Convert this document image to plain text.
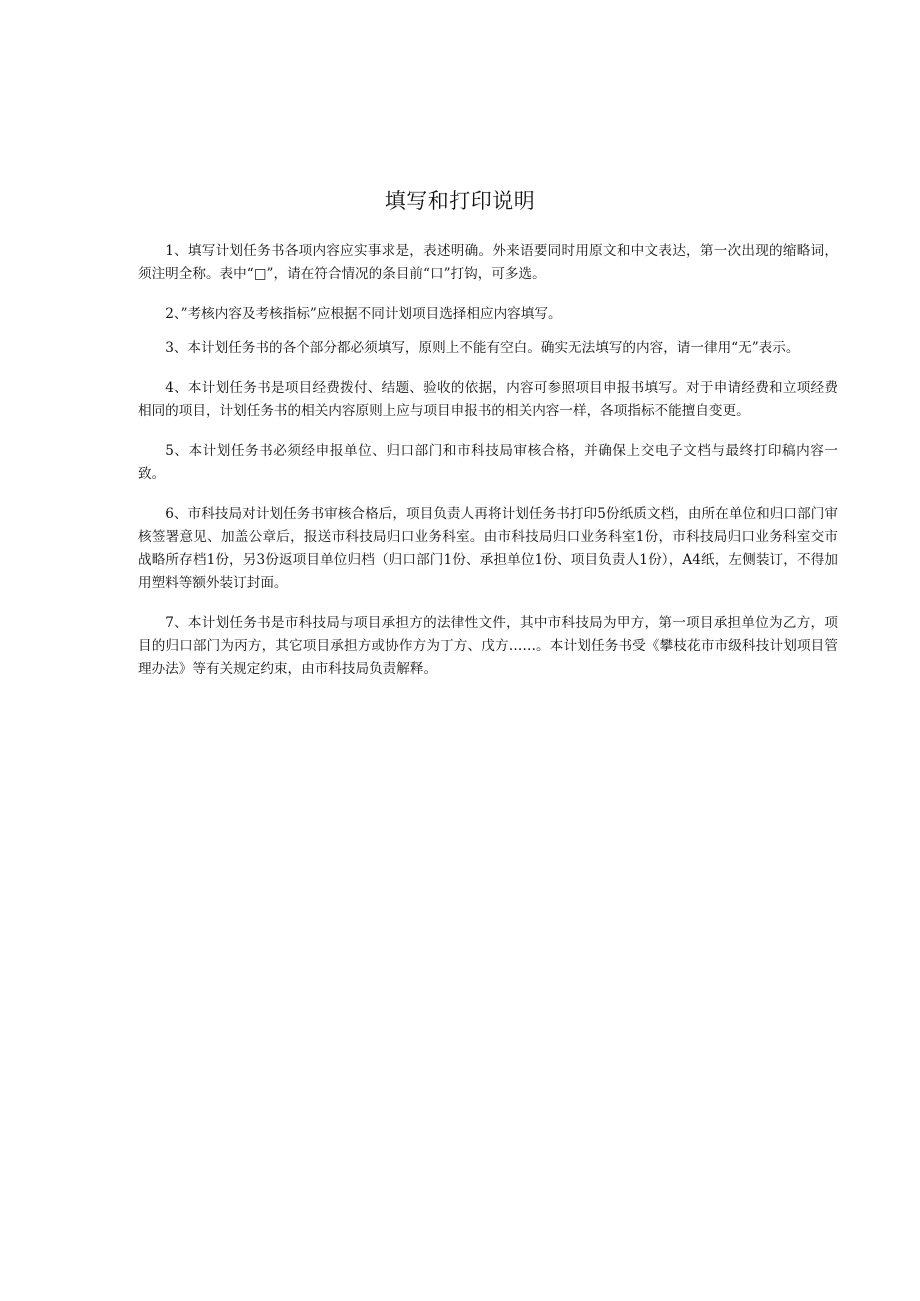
填写和打印说明

1、填写计划任务书各项内容应实事求是，表述明确。外来语要同时用原文和中文表达，第一次出现的缩略词，须注明全称。表中“□”，请在符合情况的条目前“口”打钩，可多选。

2、”考核内容及考核指标”应根据不同计划项目选择相应内容填写。

3、本计划任务书的各个部分都必须填写，原则上不能有空白。确实无法填写的内容，请一律用“无”表示。

4、本计划任务书是项目经费拨付、结题、验收的依据，内容可参照项目申报书填写。对于申请经费和立项经费相同的项目，计划任务书的相关内容原则上应与项目申报书的相关内容一样，各项指标不能擅自变更。

5、本计划任务书必须经申报单位、归口部门和市科技局审核合格，并确保上交电子文档与最终打印稿内容一致。

6、市科技局对计划任务书审核合格后，项目负责人再将计划任务书打印5份纸质文档，由所在单位和归口部门审核签署意见、加盖公章后，报送市科技局归口业务科室。由市科技局归口业务科室1份，市科技局归口业务科室交市战略所存档1份，另3份返项目单位归档（归口部门1份、承担单位1份、项目负责人1份），A4纸，左侧装订，不得加用塑料等额外装订封面。

7、本计划任务书是市科技局与项目承担方的法律性文件，其中市科技局为甲方，第一项目承担单位为乙方，项目的归口部门为丙方，其它项目承担方或协作方为丁方、戊方……。本计划任务书受《攀枝花市市级科技计划项目管理办法》等有关规定约束，由市科技局负责解释。
